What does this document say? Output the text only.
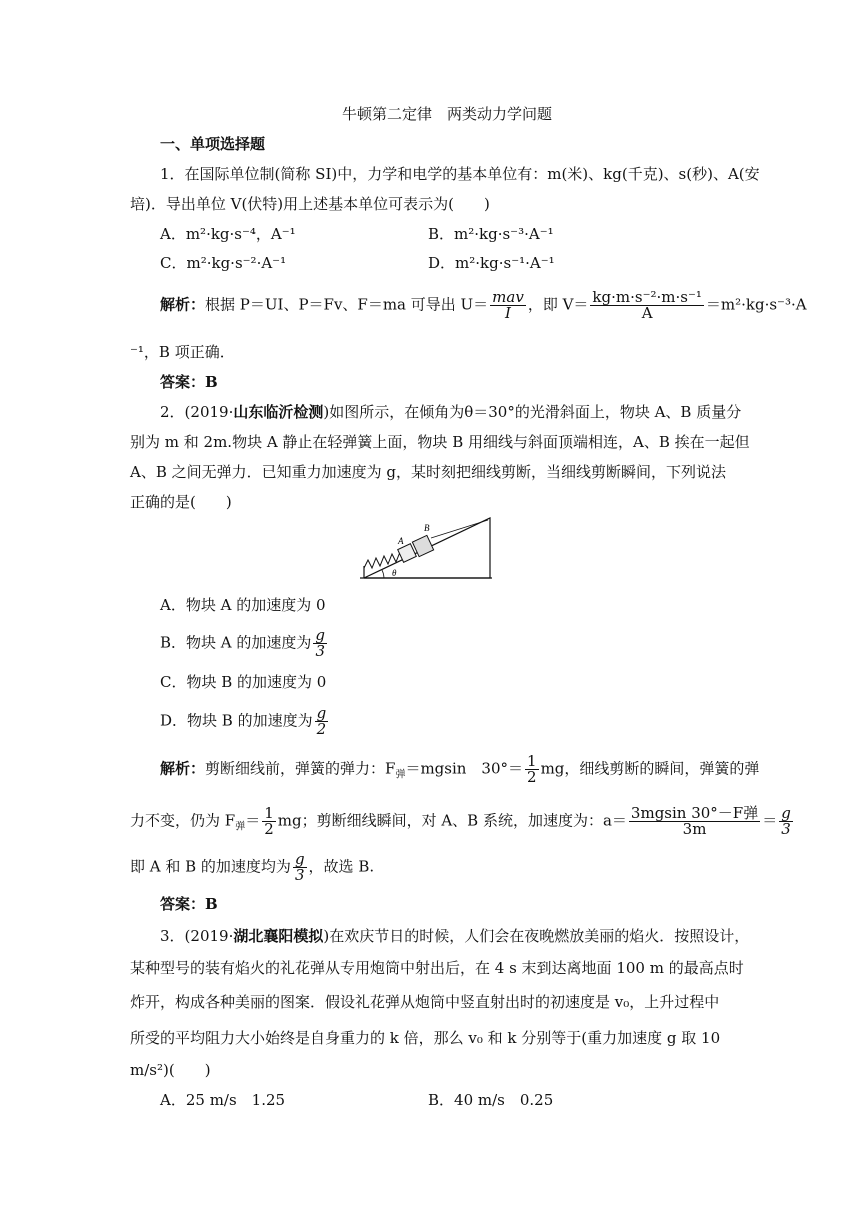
牛顿第二定律　两类动力学问题
一、单项选择题
1．在国际单位制(简称 SI)中，力学和电学的基本单位有：m(米)、kg(千克)、s(秒)、A(安
培)．导出单位 V(伏特)用上述基本单位可表示为(　　)
A．m²·kg·s⁻⁴，A⁻¹	B．m²·kg·s⁻³·A⁻¹
C．m²·kg·s⁻²·A⁻¹	D．m²·kg·s⁻¹·A⁻¹
解析：根据 P＝UI、P＝Fv、F＝ma 可导出 $U= \frac{\text{mav}}{I}$ ，即 $V= \frac{\text{kg·m·s⁻²·m·s⁻¹}}{A} =m^2\cdot kg\cdot s^{-3}\cdot A$
⁻¹，B 项正确．
答案：B
2．(2019·山东临沂检测)如图所示，在倾角为θ＝30°的光滑斜面上，物块 A、B 质量分
别为 m 和 2m.物块 A 静止在轻弹簧上面，物块 B 用细线与斜面顶端相连，A、B 挨在一起但
A、B 之间无弹力．已知重力加速度为 g，某时刻把细线剪断，当细线剪断瞬间，下列说法
正确的是(　　)
A
B
θ
A．物块 A 的加速度为 0
B．物块 A 的加速度为 $\frac{g}{3}$
C．物块 B 的加速度为 0
D．物块 B 的加速度为 $\frac{g}{2}$
解析：剪断细线前，弹簧的弹力：$F_弹=mgsin$　$30^\circ= \frac{1}{2}$ mg，细线剪断的瞬间，弹簧的弹
力不变，仍为 $F_弹= \frac{1}{2}$ mg；剪断细线瞬间，对 A、B 系统，加速度为：$a= \frac{\text{3mgsin 30°－F弹}}{3m} = \frac{g}{3}$
即 A 和 B 的加速度均为 $\frac{g}{3}$ ，故选 B.
答案：B
3．(2019·湖北襄阳模拟)在欢庆节日的时候，人们会在夜晚燃放美丽的焰火．按照设计，
某种型号的装有焰火的礼花弹从专用炮筒中射出后，在 4 s 末到达离地面 100 m 的最高点时
炸开，构成各种美丽的图案．假设礼花弹从炮筒中竖直射出时的初速度是 v₀，上升过程中
所受的平均阻力大小始终是自身重力的 k 倍，那么 v₀ 和 k 分别等于(重力加速度 g 取 10
m/s²)(　　)
A．25 m/s　1.25	B．40 m/s　0.25
